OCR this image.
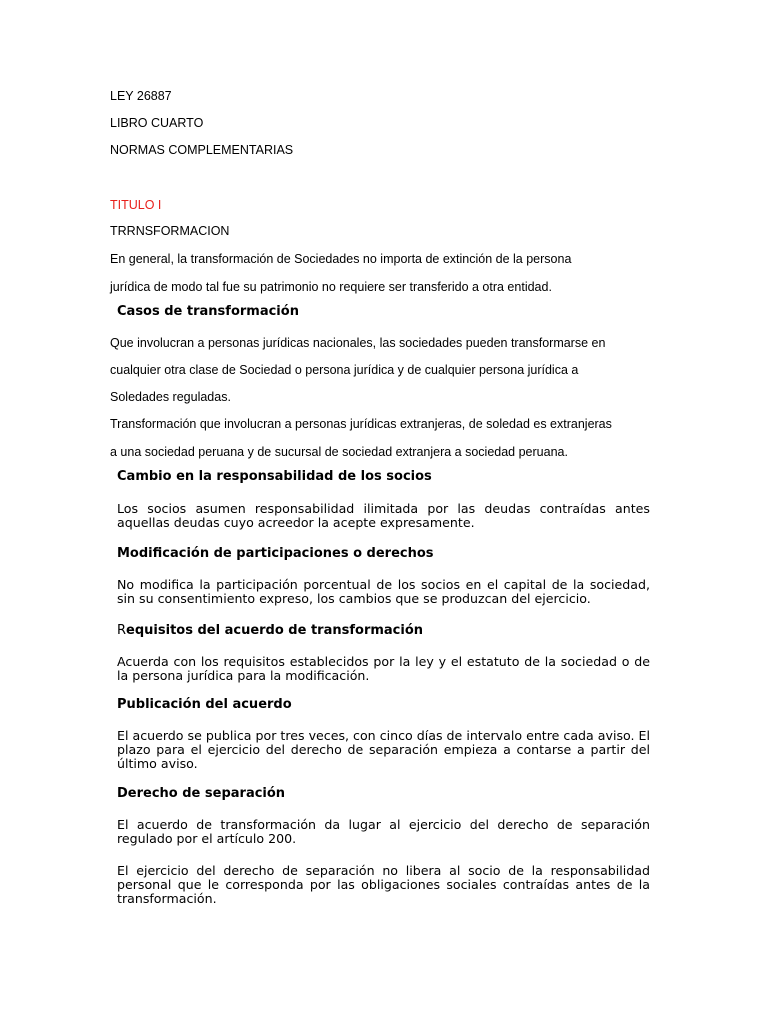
LEY 26887

LIBRO CUARTO

NORMAS COMPLEMENTARIAS

TITULO I

TRRNSFORMACION

En general, la transformación de Sociedades no importa de extinción de la persona

jurídica de modo tal fue su patrimonio no requiere ser transferido a otra entidad.

Casos de transformación

Que involucran a personas jurídicas nacionales, las sociedades pueden transformarse en

cualquier otra clase de Sociedad o persona jurídica y de cualquier persona jurídica a

Soledades reguladas.

Transformación que involucran a personas jurídicas extranjeras, de soledad es extranjeras

a una sociedad peruana y de sucursal de sociedad extranjera a sociedad peruana.

Cambio en la responsabilidad de los socios

Los socios asumen responsabilidad ilimitada por las deudas contraídas antes aquellas deudas cuyo acreedor la acepte expresamente.

Modificación de participaciones o derechos

No modifica la participación porcentual de los socios en el capital de la sociedad, sin su consentimiento expreso, los cambios que se produzcan del ejercicio.

Requisitos del acuerdo de transformación

Acuerda con los requisitos establecidos por la ley y el estatuto de la sociedad o de la persona jurídica para la modificación.

Publicación del acuerdo

El acuerdo se publica por tres veces, con cinco días de intervalo entre cada aviso. El plazo para el ejercicio del derecho de separación empieza a contarse a partir del último aviso.

Derecho de separación

El acuerdo de transformación da lugar al ejercicio del derecho de separación regulado por el artículo 200.

El ejercicio del derecho de separación no libera al socio de la responsabilidad personal que le corresponda por las obligaciones sociales contraídas antes de la transformación.
